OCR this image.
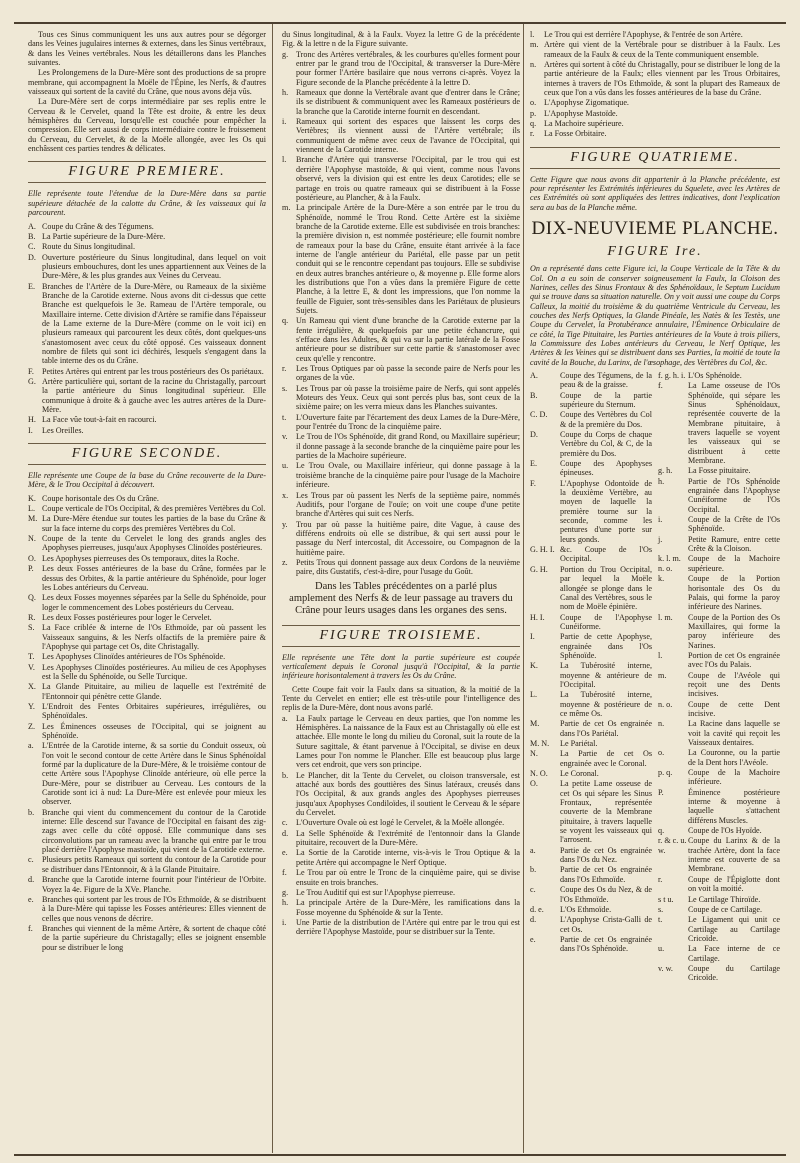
Tous ces Sinus communiquent les uns aux autres pour se dégorger dans les Veines jugulaires internes & externes, dans les Sinus vertébraux, & dans les Veines vertébrales. Nous les détaillerons dans les Planches suivantes.

Les Prolongemens de la Dure-Mère sont des productions de sa propre membrane, qui accompagnent la Moële de l'Épine, les Nerfs, & d'autres vaisseaux qui sortent de la cavité du Crâne, que nous avons déja vûs.

La Dure-Mère sert de corps intermédiaire par ses replis entre le Cerveau & le Cervelet, quand la Tête est droite, & entre les deux hémisphères du Cerveau, lorsqu'elle est couchée pour empêcher la compression. Elle sert aussi de corps intermédiaire contre le froissement du Cerveau, du Cervelet, & de la Moële allongée, avec les Os qui enchâssent ces parties tendres & délicates.

FIGURE PREMIERE.

Elle représente toute l'étendue de la Dure-Mère dans sa partie supérieure détachée de la calotte du Crâne, & les vaisseaux qui la parcourent.

A. Coupe du Crâne & des Tégumens.
B. La Partie supérieure de la Dure-Mère.
C. Route du Sinus longitudinal.
D. Ouverture postérieure du Sinus longitudinal, dans lequel on voit plusieurs embouchures, dont les unes appartiennent aux Veines de la Dure-Mère, & les plus grandes aux Veines du Cerveau.
E. Branches de l'Artère de la Dure-Mère, ou Rameaux de la sixième Branche de la Carotide externe. Nous avons dit ci-dessus que cette Branche est quelquefois le 3e. Rameau de l'Artère temporale, ou Maxillaire interne. Cette division d'Artère se ramifie dans l'épaisseur de la Lame externe de la Dure-Mère (comme on le voit ici) en plusieurs rameaux qui parcourent les deux côtés, dont quelques-uns s'anastomosent avec ceux du côté opposé. Ces vaisseaux donnent nombre de filets qui sont ici déchirés, lesquels s'engagent dans la table interne des os du Crâne.
F. Petites Artères qui entrent par les trous postérieurs des Os pariétaux.
G. Artère particulière qui, sortant de la racine du Christagally, parcourt la partie antérieure du Sinus longitudinal supérieur. Elle communique à droite & à gauche avec les autres artères de la Dure-Mère.
H. La Face vûe tout-à-fait en racourci.
I.	Les Oreilles.
FIGURE SECONDE.

Elle représente une Coupe de la base du Crâne recouverte de la Dure-Mère, & le Trou Occipital à découvert.

K. Coupe horisontale des Os du Crâne.
L. Coupe verticale de l'Os Occipital, & des premières Vertèbres du Col.
M. La Dure-Mère étendue sur toutes les parties de la base du Crâne & sur la face interne du corps des premières Vertèbres du Col.
N. Coupe de la tente du Cervelet le long des grands angles des Apophyses pierreuses, jusqu'aux Apophyses Clinoïdes postérieures.
O. Les Apophyses pierreuses des Os temporaux, dites la Roche.
P.	Les deux Fosses antérieures de la base du Crâne, formées par le dessus des Orbites, & la partie antérieure du Sphénoïde, pour loger les Lobes antérieurs du Cerveau.
Q. Les deux Fosses moyennes séparées par la Selle du Sphénoïde, pour loger le commencement des Lobes postérieurs du Cerveau.
R. Les deux Fosses postérieures pour loger le Cervelet.
S. La Face criblée & interne de l'Os Ethmoïde, par où passent les Vaisseaux sanguins, & les Nerfs olfactifs de la première paire & l'Apophyse qui partage cet Os, dite Christagally.
T. Les Apophyses Clinoïdes antérieures de l'Os Sphénoïde.
V. Les Apophyses Clinoïdes postérieures. Au milieu de ces Apophyses est la Selle du Sphénoïde, ou Selle Turcique.
X. La Glande Pituitaire, au milieu de laquelle est l'extrémité de l'Entonnoir qui pénètre cette Glande.
Y. L'Endroit des Fentes Orbitaires supérieures, irrégulières, ou Sphénoïdales.
Z. Les Éminences osseuses de l'Occipital, qui se joignent au Sphénoïde.
a.	L'Entrée de la Carotide interne, & sa sortie du Conduit osseux, où l'on voit le second contour de cette Artère dans le Sinus Sphénoïdal formé par la duplicature de la Dure-Mère, & le troisième contour de cette Artère sous l'Apophyse Clinoïde antérieure, où elle perce la Dure-Mère, pour se distribuer au Cerveau. Les contours de la Carotide sont ici à nud: La Dure-Mère est enlevée pour mieux les observer.
b. Branche qui vient du commencement du contour de la Carotide interne: Elle descend sur l'avance de l'Occipital en faisant des zig-zags avec celle du côté opposé. Elle communique dans ses circonvolutions par un rameau avec la branche qui entre par le trou placé derrière l'Apophyse mastoïde, qui vient de la Carotide externe.
c.	Plusieurs petits Rameaux qui sortent du contour de la Carotide pour se distribuer dans l'Entonnoir, & à la Glande Pituitaire.
d. Branche que la Carotide interne fournit pour l'intérieur de l'Orbite. Voyez la 4e. Figure de la XVe. Planche.
e.	Branches qui sortent par les trous de l'Os Ethmoïde, & se distribuent à la Dure-Mère qui tapisse les Fosses antérieures: Elles viennent de celles que nous venons de décrire.
f.	Branches qui viennent de la même Artère, & sortent de chaque côté de la partie supérieure du Christagally; elles se joignent ensemble pour se distribuer le long

du Sinus longitudinal, & à la Faulx. Voyez la lettre G de la précédente Fig. & la lettre n de la Figure suivante.

g. Tronc des Artères vertébrales, & les courbures qu'elles forment pour entrer par le grand trou de l'Occipital, & transverser la Dure-Mère pour former l'Artère basilaire que nous verrons ci-après. Voyez la Figure seconde de la Planche précédente à la lettre D.
h. Rameaux que donne la Vertébrale avant que d'entrer dans le Crâne; ils se distribuent & communiquent avec les Rameaux postérieurs de la branche que la Carotide interne fournit en descendant.
i.	Rameaux qui sortent des espaces que laissent les corps des Vertèbres; ils viennent aussi de l'Artère vertébrale; ils communiquent de même avec ceux de l'avance de l'Occipital, qui viennent de la Carotide interne.
l.	Branche d'Artère qui transverse l'Occipital, par le trou qui est derrière l'Apophyse mastoïde, & qui vient, comme nous l'avons observé, vers la division qui est entre les deux Carotides; elle se partage en trois ou quatre rameaux qui se distribuent à la Fosse postérieure, au Plancher, & à la Faulx.
m. La principale Artère de la Dure-Mère a son entrée par le trou du Sphénoïde, nommé le Trou Rond. Cette Artère est la sixième branche de la Carotide externe. Elle est subdivisée en trois branches: la première division n, est nommée postérieure; elle fournit nombre de rameaux pour la base du Crâne, ensuite étant arrivée à la face interne de l'angle antérieur du Pariétal, elle passe par un petit conduit qui se le rencontre cependant pas toujours. Elle se subdivise en deux autres branches antérieure o, & moyenne p. Elle forme alors les distributions que l'on a vûes dans la première Figure de cette Planche, à la lettre E, & dont les impressions, que l'on nomme la feuille de Figuier, sont très-sensibles dans les Pariétaux de plusieurs Sujets.
q. Un Rameau qui vient d'une branche de la Carotide externe par la fente irrégulière, & quelquefois par une petite échancrure, qui s'efface dans les Adultes, & qui va sur la partie latérale de la Fosse antérieure pour se distribuer sur cette partie & s'anastomoser avec ceux qu'elle y rencontre.
r.	Les Trous Optiques par où passe la seconde paire de Nerfs pour les organes de la vûe.
s.	Les Trous par où passe la troisième paire de Nerfs, qui sont appelés Moteurs des Yeux. Ceux qui sont percés plus bas, sont ceux de la sixième paire; on les verra mieux dans les Planches suivantes.
t.	L'Ouverture faite par l'écartement des deux Lames de la Dure-Mère, pour l'entrée du Tronc de la cinquième paire.
v.	Le Trou de l'Os Sphénoïde, dit grand Rond, ou Maxillaire supérieur; il donne passage à la seconde branche de la cinquième paire pour les parties de la Machoire supérieure.
u. Le Trou Ovale, ou Maxillaire inférieur, qui donne passage à la troisième branche de la cinquième paire pour l'usage de la Machoire inférieure.
x. Les Trous par où passent les Nerfs de la septième paire, nommés Auditifs, pour l'organe de l'ouïe; on voit une coupe d'une petite branche d'Artères qui suit ces Nerfs.
y.	Trou par où passe la huitième paire, dite Vague, à cause des différens endroits où elle se distribue, & qui sert aussi pour le passage du Nerf intercostal, dit Accessoire, ou Compagnon de la huitième paire.
z.	Petits Trous qui donnent passage aux deux Cordons de la neuvième paire, dits Gustatifs, c'est-à-dire, pour l'usage du Goût.

Dans les Tables précédentes on a parlé plus amplement des Nerfs & de leur passage au travers du Crâne pour leurs usages dans les organes des sens.

FIGURE TROISIEME.

Elle représente une Tête dont la partie supérieure est coupée verticalement depuis le Coronal jusqu'à l'Occipital, & la partie inférieure horisontalement à travers les Os du Crâne.

Cette Coupe fait voir la Faulx dans sa situation, & la moitié de la Tente du Cervelet en entier; elle est très-utile pour l'intelligence des replis de la Dure-Mère, dont nous avons parlé.

a.	La Faulx partage le Cerveau en deux parties, que l'on nomme les Hémisphères. La naissance de la Faux est au Christagally où elle est attachée. Elle monte le long du milieu du Coronal, suit la route de la Suture sagittale, & étant parvenue à l'Occipital, se divise en deux Lames pour l'on nomme le Plancher. Elle est beaucoup plus large vers cet endroit, que vers son principe.
b. Le Plancher, dit la Tente du Cervelet, ou cloison transversale, est attaché aux bords des gouttières des Sinus latéraux, creusés dans l'Os Occipital, & aux grands angles des Apophyses pierreuses jusqu'aux Apophyses Condiloïdes, il soutient le Cerveau & le sépare du Cervelet.
c.	L'Ouverture Ovale où est logé le Cervelet, & la Moële allongée.
d. La Selle Sphénoïde & l'extrémité de l'entonnoir dans la Glande pituitaire, recouvert de la Dure-Mère.
e.	La Sortie de la Carotide interne, vis-à-vis le Trou Optique & la petite Artère qui accompagne le Nerf Optique.
f.	Le Trou par où entre le Tronc de la cinquième paire, qui se divise ensuite en trois branches.
g. Le Trou Auditif qui est sur l'Apophyse pierreuse.
h. La principale Artère de la Dure-Mère, les ramifications dans la Fosse moyenne du Sphénoïde & sur la Tente.
i.	Une Partie de la distribution de l'Artère qui entre par le trou qui est derrière l'Apophyse Mastoïde, pour se distribuer sur la Tente.
l.	Le Trou qui est derrière l'Apophyse, & l'entrée de son Artère.
m. Artère qui vient de la Vertébrale pour se distribuer à la Faulx. Les rameaux de la Faulx & ceux de la Tente communiquent ensemble.
n. Artères qui sortent à côté du Christagally, pour se distribuer le long de la partie antérieure de la Faulx; elles viennent par les Trous Orbitaires, internes à travers de l'Os Ethmoïde, & sont la plupart des Rameaux de ceux que l'on a vûs dans les fosses antérieures de la base du Crâne.
o. L'Apophyse Zigomatique.
p. L'Apophyse Mastoïde.
q. La Machoire supérieure.
r.	La Fosse Orbitaire.
FIGURE QUATRIEME.

Cette Figure que nous avons dit appartenir à la Planche précédente, est pour représenter les Extrémités inférieures du Squelete, avec les Artères de ces Extrémités où sont appliquées des lettres indicatives, dont l'explication sera au bas de la Planche même.

DIX-NEUVIEME PLANCHE.
FIGURE Ire.

On a représenté dans cette Figure ici, la Coupe Verticale de la Tête & du Col. On a eu soin de conserver soigneusement la Faulx, la Cloison des Narines, celles des Sinus Frontaux & des Sphénoïdaux, le Septum Lucidum qui se trouve dans sa situation naturelle. On y voit aussi une coupe du Corps Calleux, la moitié du troisième & du quatrième Ventricule du Cerveau, les couches des Nerfs Optiques, la Glande Pinéale, les Natès & les Testès, une Coupe du Cervelet, la Protubérance annulaire, l'Éminence Orbiculaire de ce côté, la Tige Pituitaire, les Parties antérieures de la Voute à trois piliers, la Commissure des Lobes antérieurs du Cerveau, le Nerf Optique, les Artères & les Veines qui se distribuent dans ses Parties, la moitié de toute la cavité de la Bouche, du Larinx, de l'œsophage, des Vertèbres du Col, &c.

A.	Coupe des Tégumens, de la peau & de la graisse.
B.	Coupe de la partie supérieure du Sternum.
C. D.	Coupe des Vertèbres du Col & de la première du Dos.
D.	Coupe du Corps de chaque Vertèbre du Col, & C, de la première du Dos.
E.	Coupe des Apophyses épineuses.
F.	L'Apophyse Odontoïde de la deuxième Vertèbre, au moyen de laquelle la première tourne sur la seconde, comme les pentures d'une porte sur leurs gonds.
G. H. I. &c. Coupe de l'Os Occipital.
G. H.	Portion du Trou Occipital, par lequel la Moële allongée se plonge dans le Canal des Vertèbres, sous le nom de Moële épinière.
H. I.	Coupe de l'Apophyse Cunéiforme.
I.	Partie de cette Apophyse, engrainée dans l'Os Sphénoïde.
K.	La Tubérosité interne, moyenne & antérieure de l'Occipital.
L.	La Tubérosité interne, moyenne & postérieure de ce même Os.
M.	Partie de cet Os engrainée dans l'Os Pariétal.
M. N.	Le Pariétal.
N.	La Partie de cet Os engrainée avec le Coronal.
N. O.	Le Coronal.
O.	La petite Lame osseuse de cet Os qui sépare les Sinus Frontaux, représentée couverte de la Membrane pituitaire, à travers laquelle se voyent les vaisseaux qui l'arrosent.
a.	Partie de cet Os engrainée dans l'Os du Nez.
b.	Partie de cet Os engrainée dans l'Os Ethmoïde.
c.	Coupe des Os du Nez, & de l'Os Ethmoïde.
d. e.	L'Os Ethmoïde.
d.	L'Apophyse Crista-Galli de cet Os.
e.	Partie de cet Os engrainée dans l'Os Sphénoïde.
f. g. h. i. L'Os Sphénoïde.
f.	La Lame osseuse de l'Os Sphénoïde, qui sépare les Sinus Sphénoïdaux, représentée couverte de la Membrane pituitaire, à travers laquelle se voyent les vaisseaux qui se distribuent à cette Membrane.
g. h.	La Fosse pituitaire.
h.	Partie de l'Os Sphénoïde engrainée dans l'Apophyse Cunéiforme de l'Os Occipital.
i.	Coupe de la Crête de l'Os Sphénoïde.
j.	Petite Ramure, entre cette Crête & la Cloison.
k. l. m. n. o.
Coupe de la Machoire supérieure.
k.	Coupe de la Portion horisontale des Os du Palais, qui forme la paroy inférieure des Narines.
l. m.	Coupe de la Portion des Os Maxillaires, qui forme la paroy inférieure des Narines.
l.	Portion de cet Os engrainée avec l'Os du Palais.
m.	Coupe de l'Avéole qui reçoit une des Dents incisives.
n. o.	Coupe de cette Dent incisive.
n.	La Racine dans laquelle se voit la cavité qui reçoit les Vaisseaux dentaires.
o.	La Couronne, ou la partie de la Dent hors l'Avéole.
p. q.	Coupe de la Machoire inférieure.
P.	Éminence postérieure interne & moyenne à laquelle s'attachent différens Muscles.
q.	Coupe de l'Os Hyoïde.
r. & c. u. w.
Coupe du Larinx & de la trachée Artère, dont la face interne est couverte de sa Membrane.
r.	Coupe de l'Épiglotte dont on voit la moitié.
s t u.	Le Cartilage Thiroïde.
s.	Coupe de ce Cartilage.
t.	Le Ligament qui unit ce Cartilage au Cartilage Cricoïde.
u.	La Face interne de ce Cartilage.
v. w.	Coupe du Cartilage Cricoïde.
